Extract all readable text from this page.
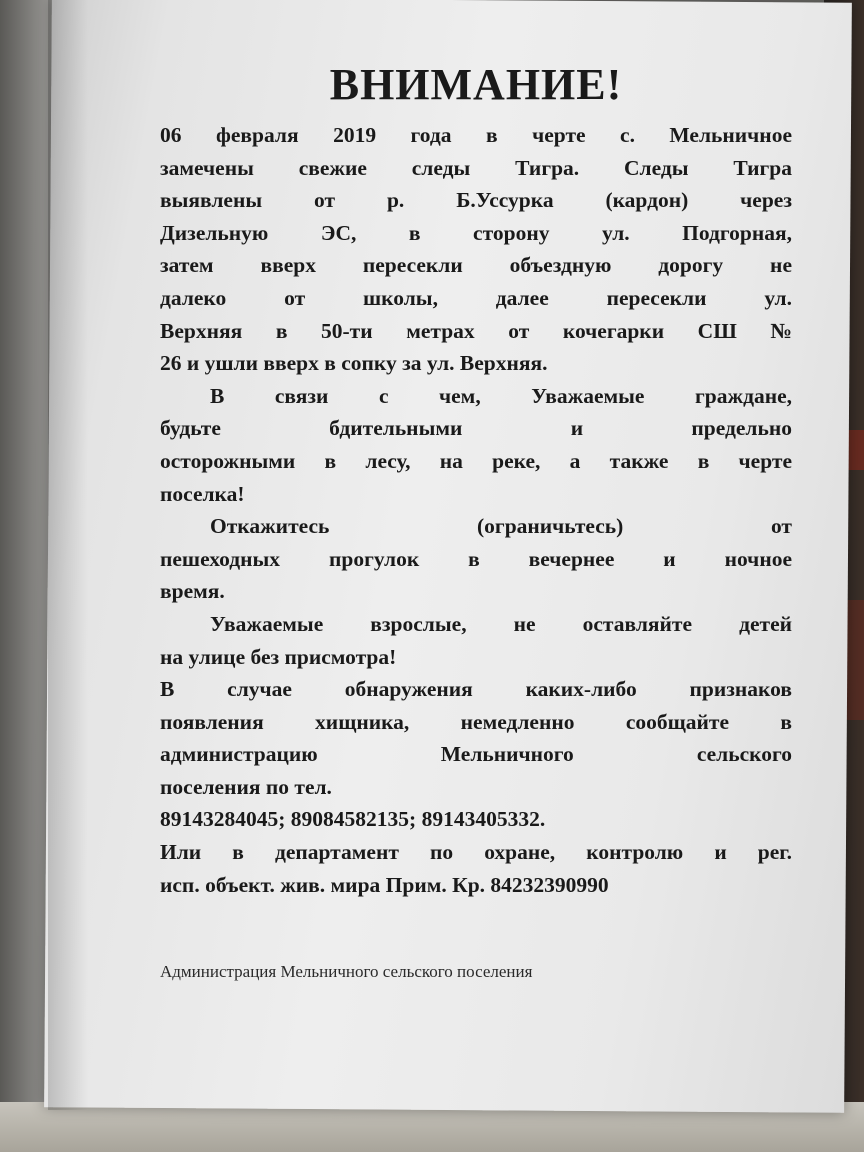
ВНИМАНИЕ!
06 февраля 2019 года в черте с. Мельничное
замечены свежие следы Тигра. Следы Тигра
выявлены от р. Б.Уссурка (кардон) через
Дизельную ЭС, в сторону ул. Подгорная,
затем вверх пересекли объездную дорогу не
далеко от школы, далее пересекли ул.
Верхняя в 50-ти метрах от кочегарки СШ №
26 и ушли вверх в сопку за ул. Верхняя.
В связи с чем, Уважаемые граждане,
будьте бдительными и предельно
осторожными в лесу, на реке, а также в черте
поселка!
Откажитесь (ограничьтесь) от
пешеходных прогулок в вечернее и ночное
время.
Уважаемые взрослые, не оставляйте детей
на улице без присмотра!
В случае обнаружения каких-либо признаков
появления хищника, немедленно сообщайте в
администрацию Мельничного сельского
поселения по тел.
89143284045; 89084582135; 89143405332.
Или в департамент по охране, контролю и рег.
исп. объект. жив. мира Прим. Кр. 84232390990
Администрация Мельничного сельского поселения
